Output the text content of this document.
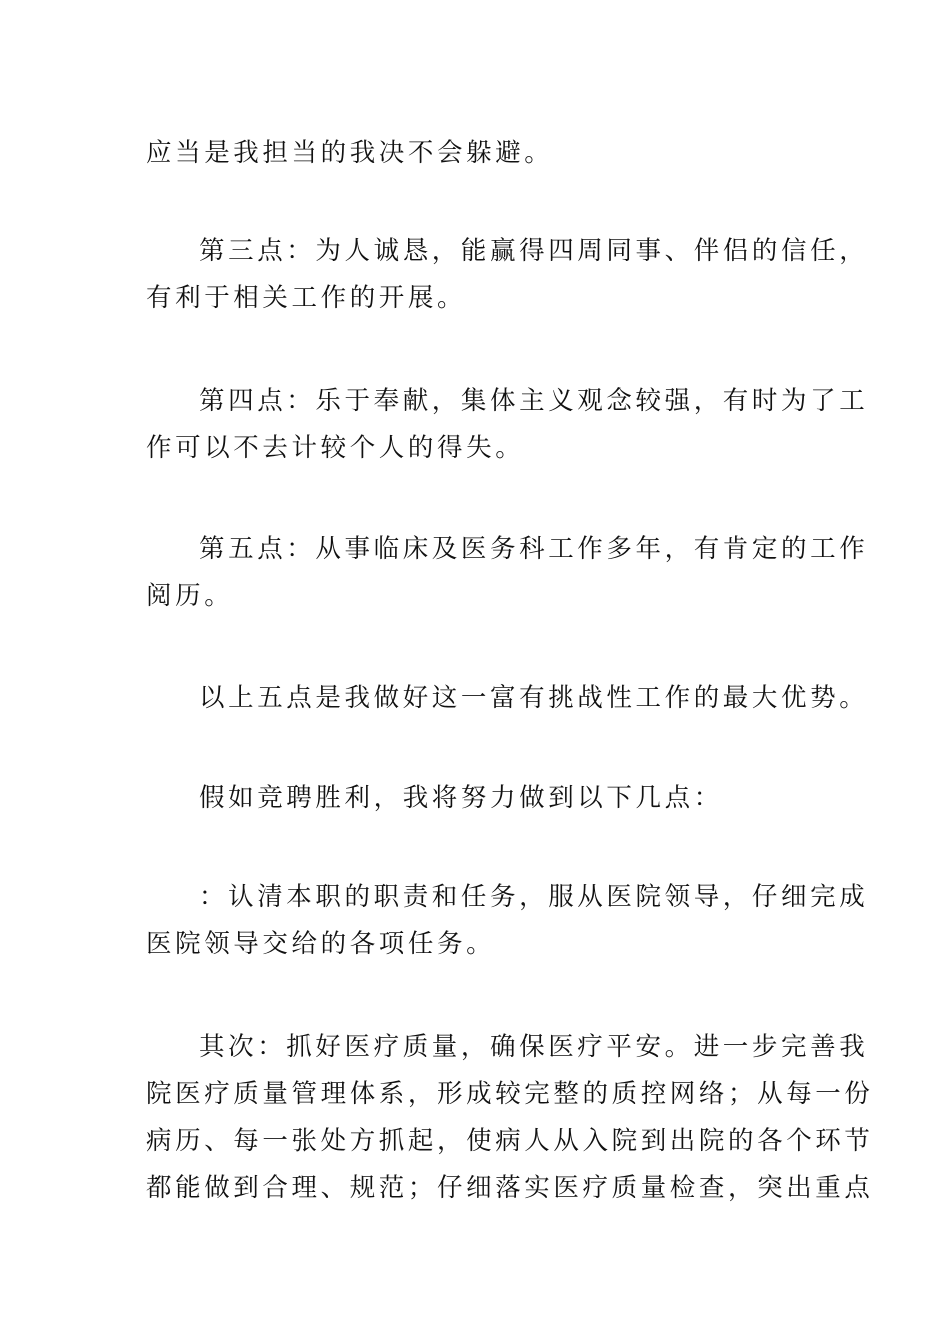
应当是我担当的我决不会躲避。

第三点：为人诚恳，能赢得四周同事、伴侣的信任，
有利于相关工作的开展。

第四点：乐于奉献，集体主义观念较强，有时为了工
作可以不去计较个人的得失。

第五点：从事临床及医务科工作多年，有肯定的工作
阅历。

以上五点是我做好这一富有挑战性工作的最大优势。

假如竞聘胜利，我将努力做到以下几点：

：认清本职的职责和任务，服从医院领导，仔细完成
医院领导交给的各项任务。

其次：抓好医疗质量，确保医疗平安。进一步完善我
院医疗质量管理体系，形成较完整的质控网络；从每一份
病历、每一张处方抓起，使病人从入院到出院的各个环节
都能做到合理、规范；仔细落实医疗质量检查，突出重点
